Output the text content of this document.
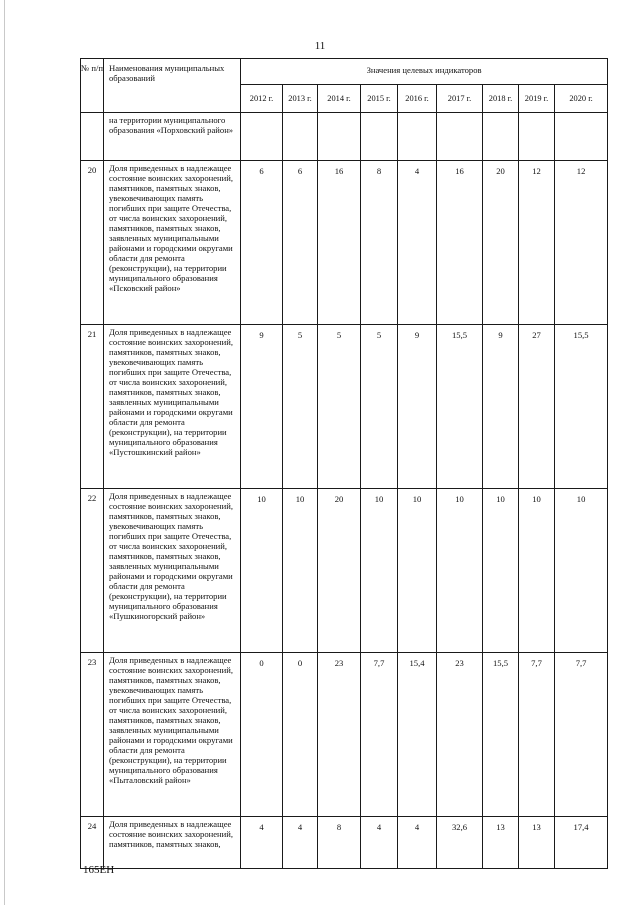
11
№ п/п	Наименования муниципальных образований	Значения целевых индикаторов								
		2012 г.	2013 г.	2014 г.	2015 г.	2016 г.	2017 г.	2018 г.	2019 г.	2020 г.
	на территории муниципального образования «Порховский район»									
20	Доля приведенных в надлежащее состояние воинских захоронений, памятников, памятных знаков, увековечивающих память погибших при защите Отечества, от числа воинских захоронений, памятников, памятных знаков, заявленных муниципальными районами и городскими округами области для ремонта (реконструкции), на территории муниципального образования «Псковский район»	6	6	16	8	4	16	20	12	12
21	Доля приведенных в надлежащее состояние воинских захоронений, памятников, памятных знаков, увековечивающих память погибших при защите Отечества, от числа воинских захоронений, памятников, памятных знаков, заявленных муниципальными районами и городскими округами области для ремонта (реконструкции), на территории муниципального образования «Пустошкинский район»	9	5	5	5	9	15,5	9	27	15,5
22	Доля приведенных в надлежащее состояние воинских захоронений, памятников, памятных знаков, увековечивающих память погибших при защите Отечества, от числа воинских захоронений, памятников, памятных знаков, заявленных муниципальными районами и городскими округами области для ремонта (реконструкции), на территории муниципального образования «Пушкиногорский район»	10	10	20	10	10	10	10	10	10
23	Доля приведенных в надлежащее состояние воинских захоронений, памятников, памятных знаков, увековечивающих память погибших при защите Отечества, от числа воинских захоронений, памятников, памятных знаков, заявленных муниципальными районами и городскими округами области для ремонта (реконструкции), на территории муниципального образования «Пыталовский район»	0	0	23	7,7	15,4	23	15,5	7,7	7,7
24	Доля приведенных в надлежащее состояние воинских захоронений, памятников, памятных знаков,	4	4	8	4	4	32,6	13	13	17,4
165ЕН
